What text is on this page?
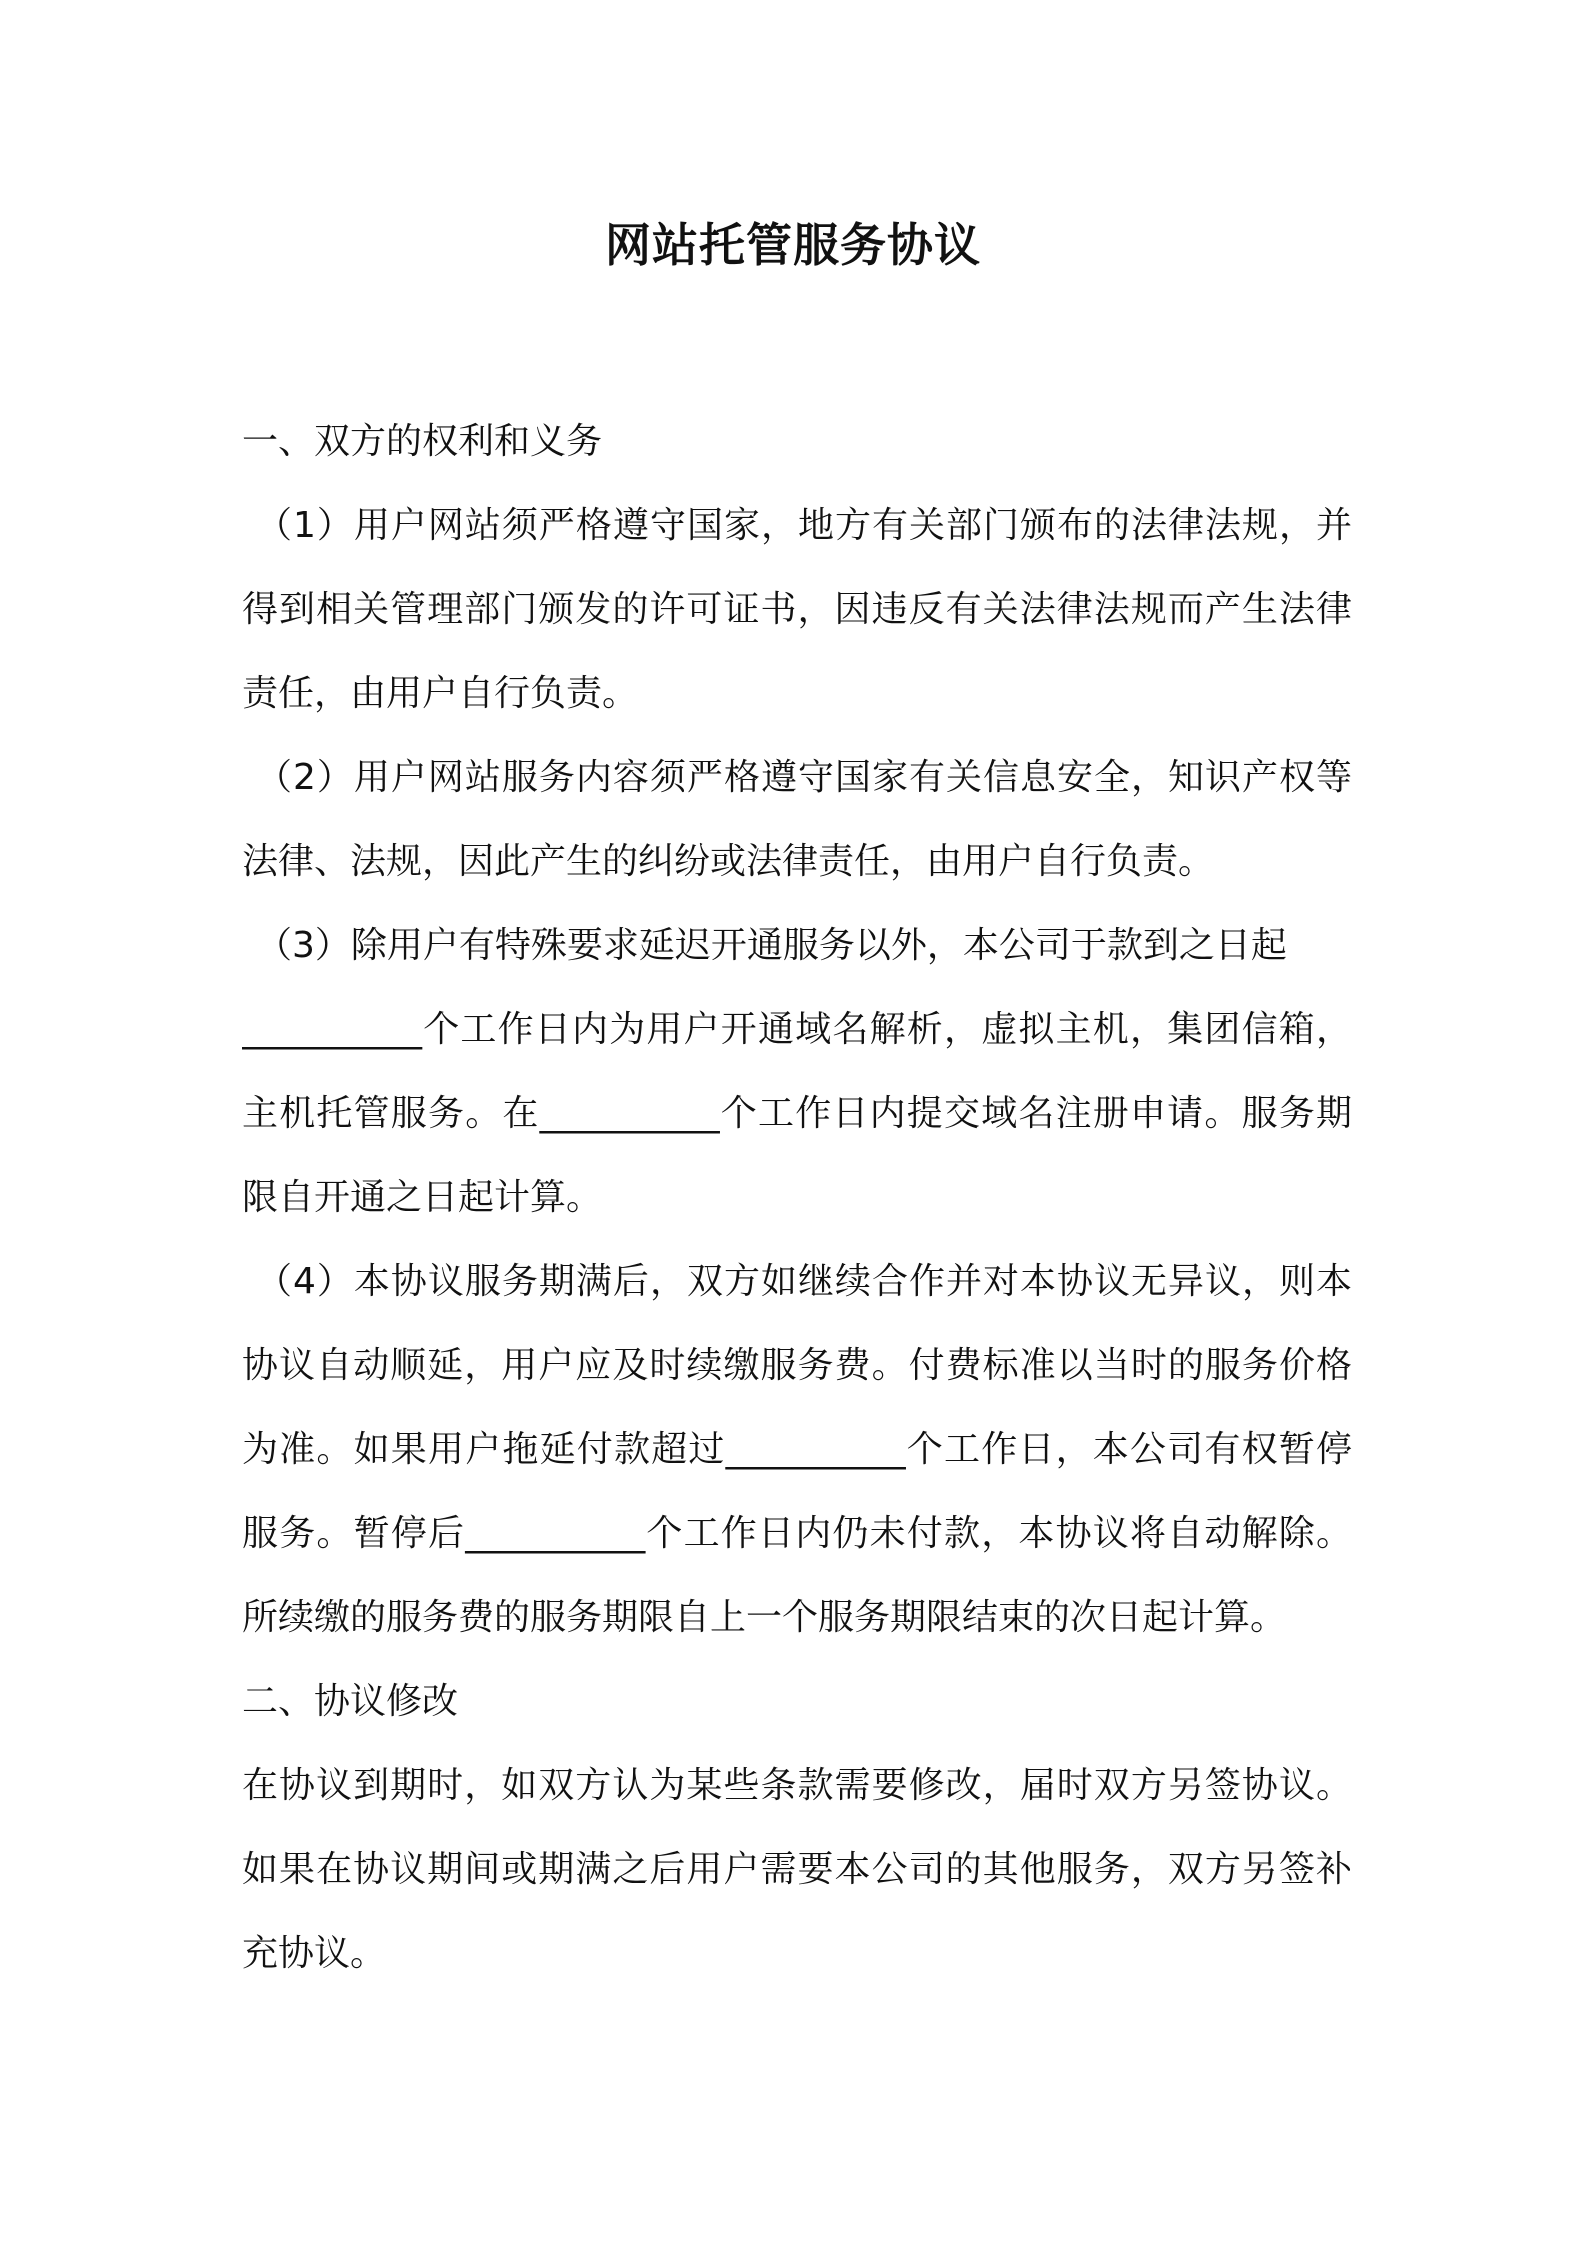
网站托管服务协议
一、双方的权利和义务
（1）用户网站须严格遵守国家，地方有关部门颁布的法律法规，并
得到相关管理部门颁发的许可证书，因违反有关法律法规而产生法律
责任，由用户自行负责。
（2）用户网站服务内容须严格遵守国家有关信息安全，知识产权等
法律、法规，因此产生的纠纷或法律责任，由用户自行负责。
（3）除用户有特殊要求延迟开通服务以外，本公司于款到之日起
__________个工作日内为用户开通域名解析，虚拟主机，集团信箱，
主机托管服务。在__________个工作日内提交域名注册申请。服务期
限自开通之日起计算。
（4）本协议服务期满后，双方如继续合作并对本协议无异议，则本
协议自动顺延，用户应及时续缴服务费。付费标准以当时的服务价格
为准。如果用户拖延付款超过__________个工作日，本公司有权暂停
服务。暂停后__________个工作日内仍未付款，本协议将自动解除。
所续缴的服务费的服务期限自上一个服务期限结束的次日起计算。
二、协议修改
在协议到期时，如双方认为某些条款需要修改，届时双方另签协议。
如果在协议期间或期满之后用户需要本公司的其他服务，双方另签补
充协议。
